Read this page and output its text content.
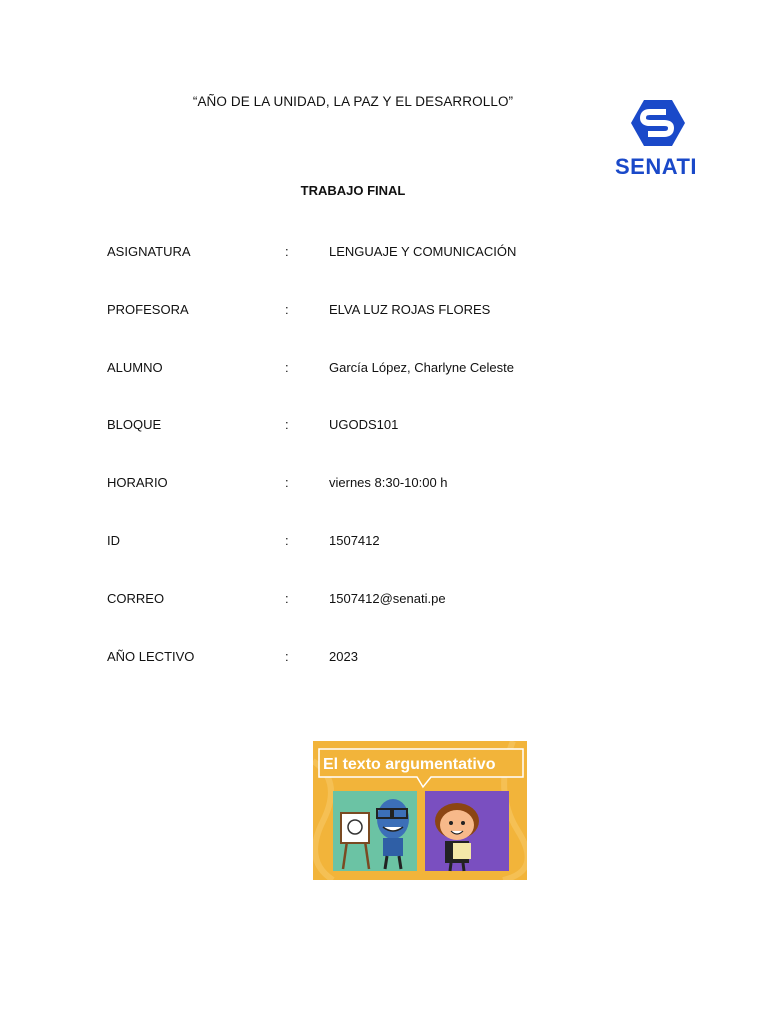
“AÑO DE LA UNIDAD, LA PAZ Y EL DESARROLLO”
SENATI
TRABAJO FINAL
ASIGNATURA	:	LENGUAJE Y COMUNICACIÓN
PROFESORA	:	ELVA LUZ ROJAS FLORES
ALUMNO	:	García López, Charlyne Celeste
BLOQUE	:	UGODS101
HORARIO	:	viernes 8:30-10:00 h
ID	:	1507412
CORREO	:	1507412@senati.pe
AÑO LECTIVO	:	2023
El texto argumentativo
